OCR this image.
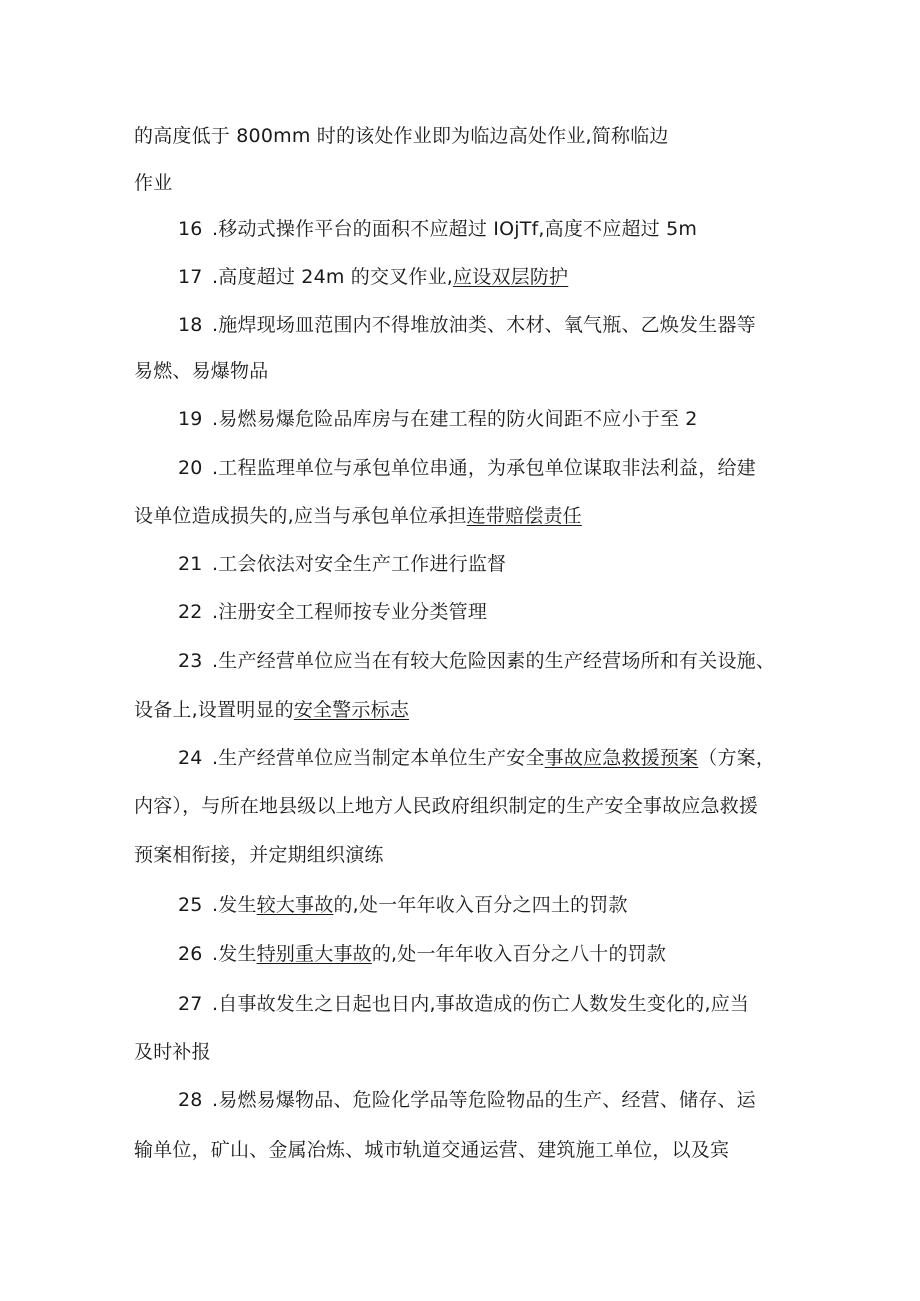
的高度低于 800mm 时的该处作业即为临边高处作业,简称临边
作业
16 .移动式操作平台的面积不应超过 IOjTf,高度不应超过 5m
17 .高度超过 24m 的交叉作业,应设双层防护
18 .施焊现场皿范围内不得堆放油类、木材、氧气瓶、乙焕发生器等
易燃、易爆物品
19 .易燃易爆危险品库房与在建工程的防火间距不应小于至 2
20 .工程监理单位与承包单位串通，为承包单位谋取非法利益，给建
设单位造成损失的,应当与承包单位承担连带赔偿责任
21 .工会依法对安全生产工作进行监督
22 .注册安全工程师按专业分类管理
23 .生产经营单位应当在有较大危险因素的生产经营场所和有关设施、
设备上,设置明显的安全警示标志
24 .生产经营单位应当制定本单位生产安全事故应急救援预案（方案，
内容），与所在地县级以上地方人民政府组织制定的生产安全事故应急救援
预案相衔接，并定期组织演练
25 .发生较大事故的,处一年年收入百分之四土的罚款
26 .发生特别重大事故的,处一年年收入百分之八十的罚款
27 .自事故发生之日起也日内,事故造成的伤亡人数发生变化的,应当
及时补报
28 .易燃易爆物品、危险化学品等危险物品的生产、经营、储存、运
输单位，矿山、金属冶炼、城市轨道交通运营、建筑施工单位，以及宾
